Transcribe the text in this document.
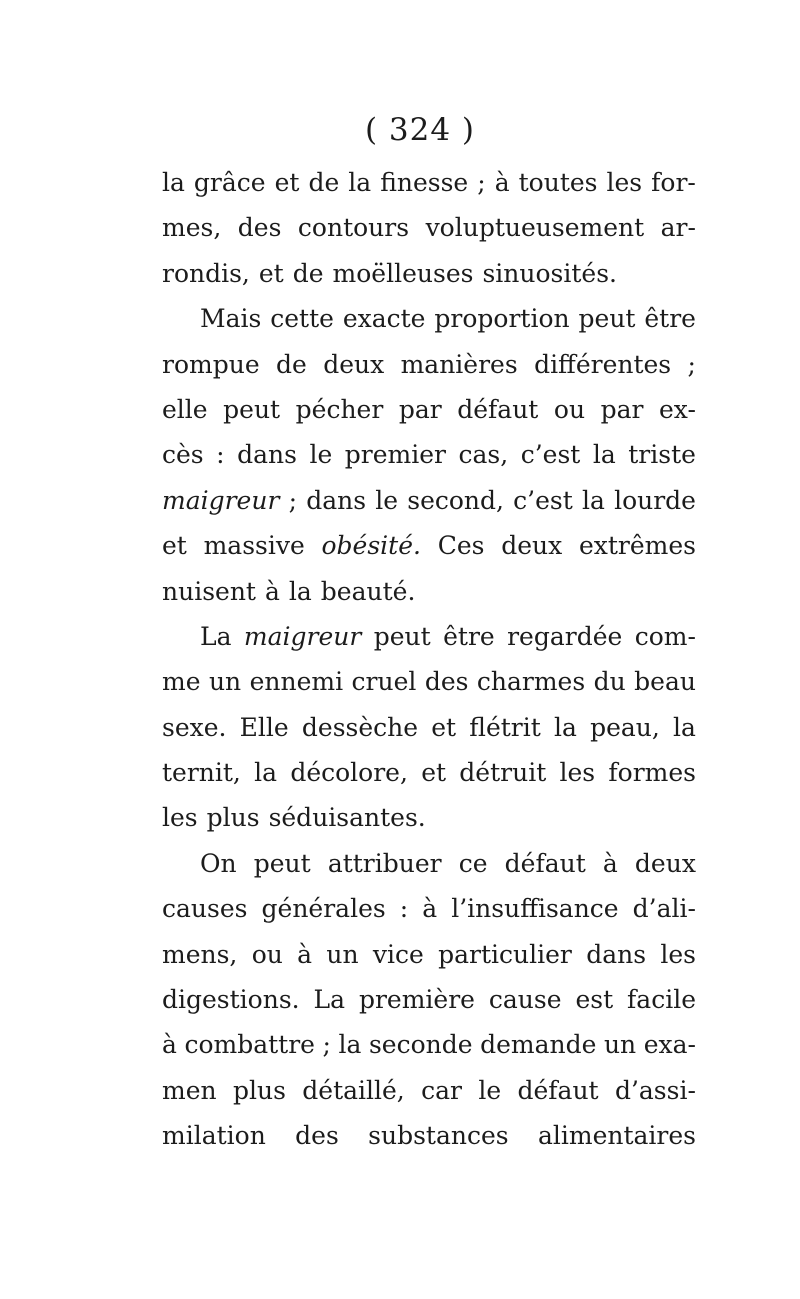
( 324 )
la grâce et de la finesse ; à toutes les for-
mes, des contours voluptueusement ar-
rondis, et de moëlleuses sinuosités.
Mais cette exacte proportion peut être
rompue de deux manières différentes ;
elle peut pécher par défaut ou par ex-
cès : dans le premier cas, c’est la triste
maigreur ; dans le second, c’est la lourde
et massive obésité. Ces deux extrêmes
nuisent à la beauté.
La maigreur peut être regardée com-
me un ennemi cruel des charmes du beau
sexe. Elle dessèche et flétrit la peau, la
ternit, la décolore, et détruit les formes
les plus séduisantes.
On peut attribuer ce défaut à deux
causes générales : à l’insuffisance d’ali-
mens, ou à un vice particulier dans les
digestions. La première cause est facile
à combattre ; la seconde demande un exa-
men plus détaillé, car le défaut d’assi-
milation des substances alimentaires
